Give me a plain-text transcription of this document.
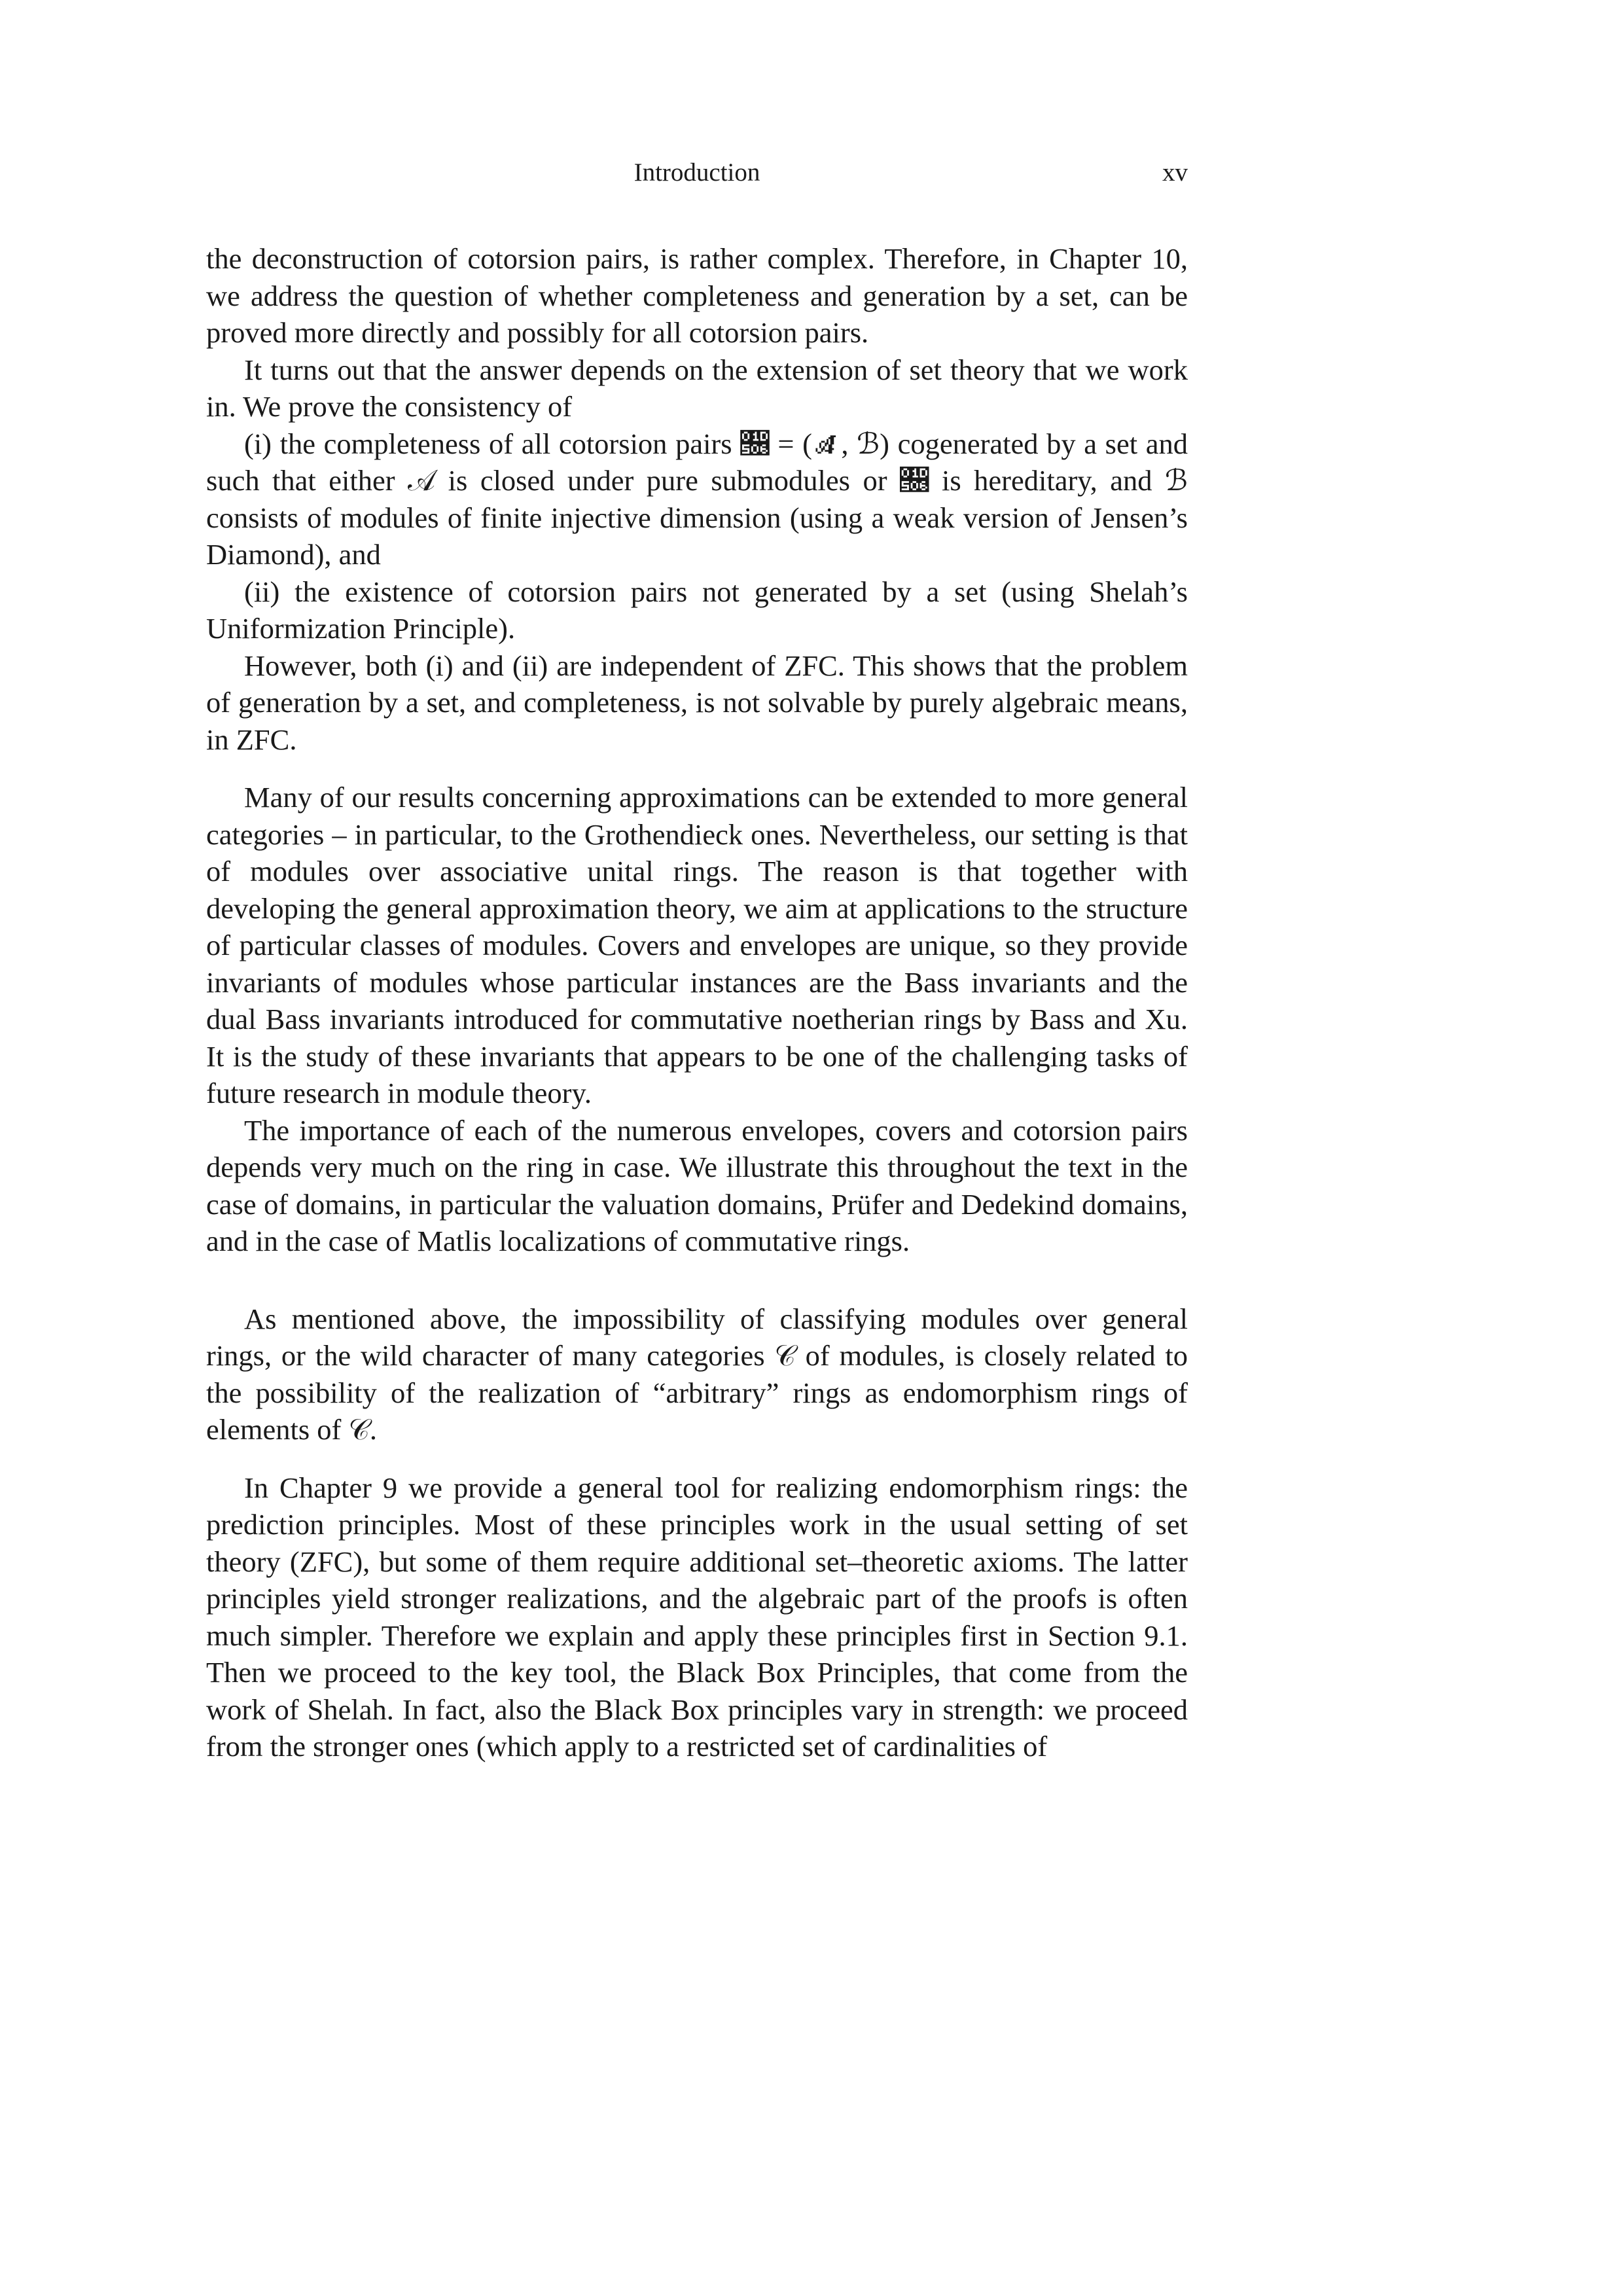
Introduction	xv

the deconstruction of cotorsion pairs, is rather complex. Therefore, in Chapter 10, we address the question of whether completeness and generation by a set, can be proved more directly and possibly for all cotorsion pairs.

It turns out that the answer depends on the extension of set theory that we work in. We prove the consistency of

(i) the completeness of all cotorsion pairs 𝔆 = (𝒜, ℬ) cogenerated by a set and such that either 𝒜 is closed under pure submodules or 𝔆 is hereditary, and ℬ consists of modules of finite injective dimension (using a weak version of Jensen’s Diamond), and

(ii) the existence of cotorsion pairs not generated by a set (using Shelah’s Uniformization Principle).

However, both (i) and (ii) are independent of ZFC. This shows that the problem of generation by a set, and completeness, is not solvable by purely algebraic means, in ZFC.

Many of our results concerning approximations can be extended to more general categories – in particular, to the Grothendieck ones. Nevertheless, our setting is that of modules over associative unital rings. The reason is that together with developing the general approximation theory, we aim at applications to the structure of particular classes of modules. Covers and envelopes are unique, so they provide invariants of modules whose particular instances are the Bass invariants and the dual Bass invariants introduced for commutative noetherian rings by Bass and Xu. It is the study of these invariants that appears to be one of the challenging tasks of future research in module theory.

The importance of each of the numerous envelopes, covers and cotorsion pairs depends very much on the ring in case. We illustrate this throughout the text in the case of domains, in particular the valuation domains, Prüfer and Dedekind domains, and in the case of Matlis localizations of commutative rings.

As mentioned above, the impossibility of classifying modules over general rings, or the wild character of many categories 𝒞 of modules, is closely related to the possibility of the realization of “arbitrary” rings as endomorphism rings of elements of 𝒞.

In Chapter 9 we provide a general tool for realizing endomorphism rings: the prediction principles. Most of these principles work in the usual setting of set theory (ZFC), but some of them require additional set–theoretic axioms. The latter principles yield stronger realizations, and the algebraic part of the proofs is often much simpler. Therefore we explain and apply these principles first in Section 9.1. Then we proceed to the key tool, the Black Box Principles, that come from the work of Shelah. In fact, also the Black Box principles vary in strength: we proceed from the stronger ones (which apply to a restricted set of cardinalities of
